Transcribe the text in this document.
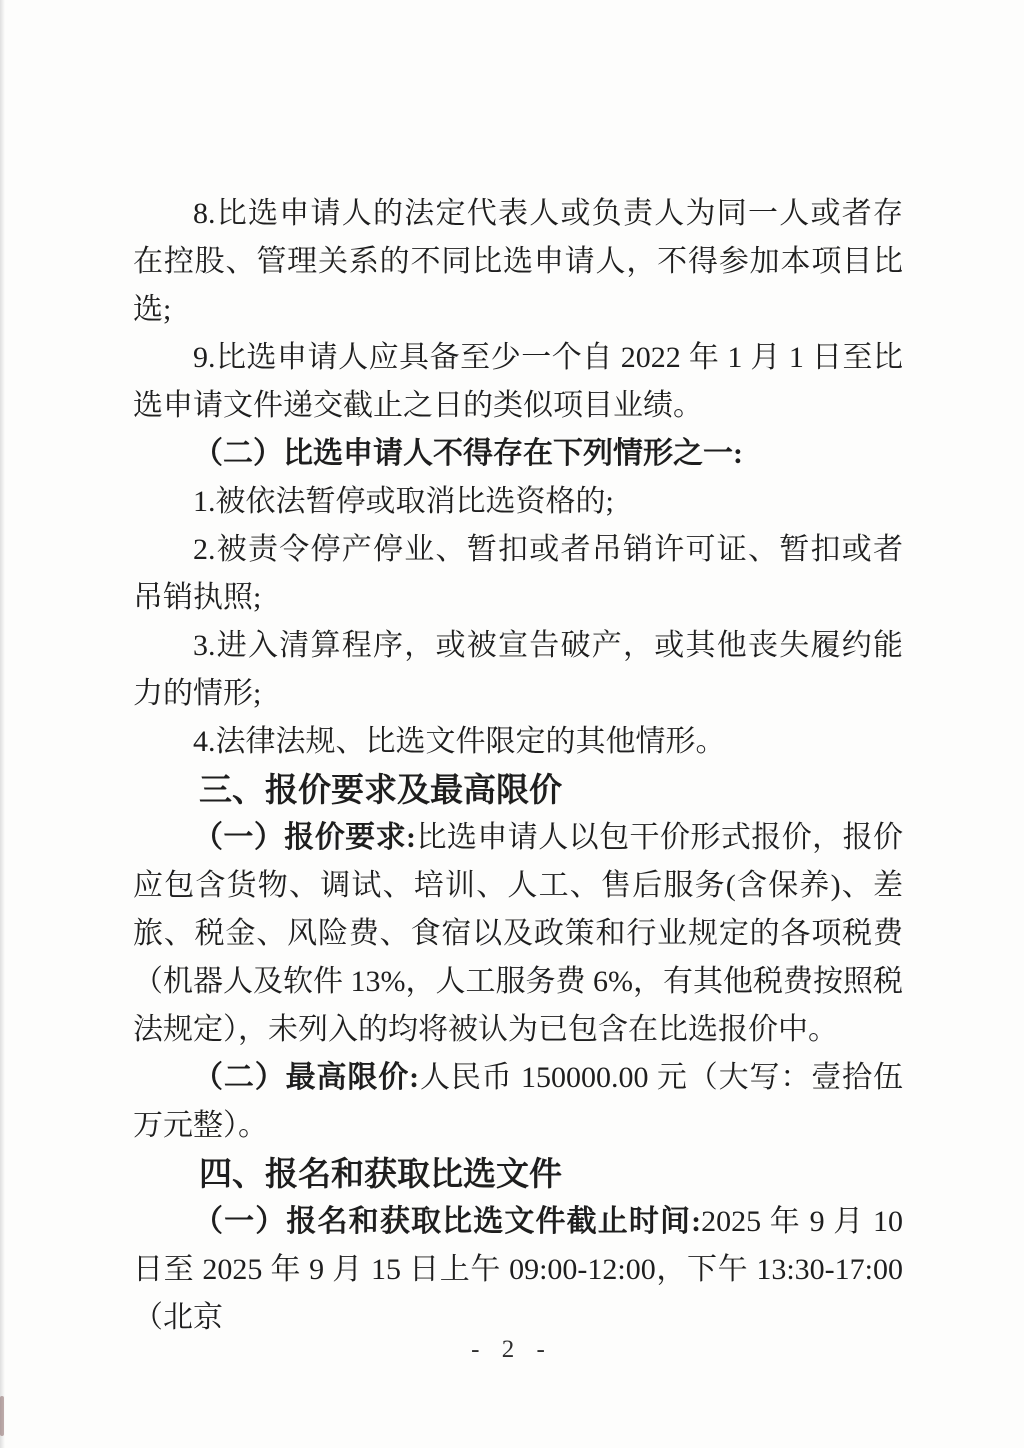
8.比选申请人的法定代表人或负责人为同一人或者存在控股、管理关系的不同比选申请人，不得参加本项目比选;

9.比选申请人应具备至少一个自 2022 年 1 月 1 日至比选申请文件递交截止之日的类似项目业绩。

（二）比选申请人不得存在下列情形之一:

1.被依法暂停或取消比选资格的;

2.被责令停产停业、暂扣或者吊销许可证、暂扣或者吊销执照;

3.进入清算程序，或被宣告破产，或其他丧失履约能力的情形;

4.法律法规、比选文件限定的其他情形。

三、报价要求及最高限价

（一）报价要求:比选申请人以包干价形式报价，报价应包含货物、调试、培训、人工、售后服务(含保养)、差旅、税金、风险费、食宿以及政策和行业规定的各项税费（机器人及软件 13%，人工服务费 6%，有其他税费按照税法规定），未列入的均将被认为已包含在比选报价中。

（二）最高限价:人民币 150000.00 元（大写：壹拾伍万元整）。

四、报名和获取比选文件

（一）报名和获取比选文件截止时间:2025 年 9 月 10 日至 2025 年 9 月 15 日上午 09:00-12:00，下午 13:30-17:00（北京

- 2 -
